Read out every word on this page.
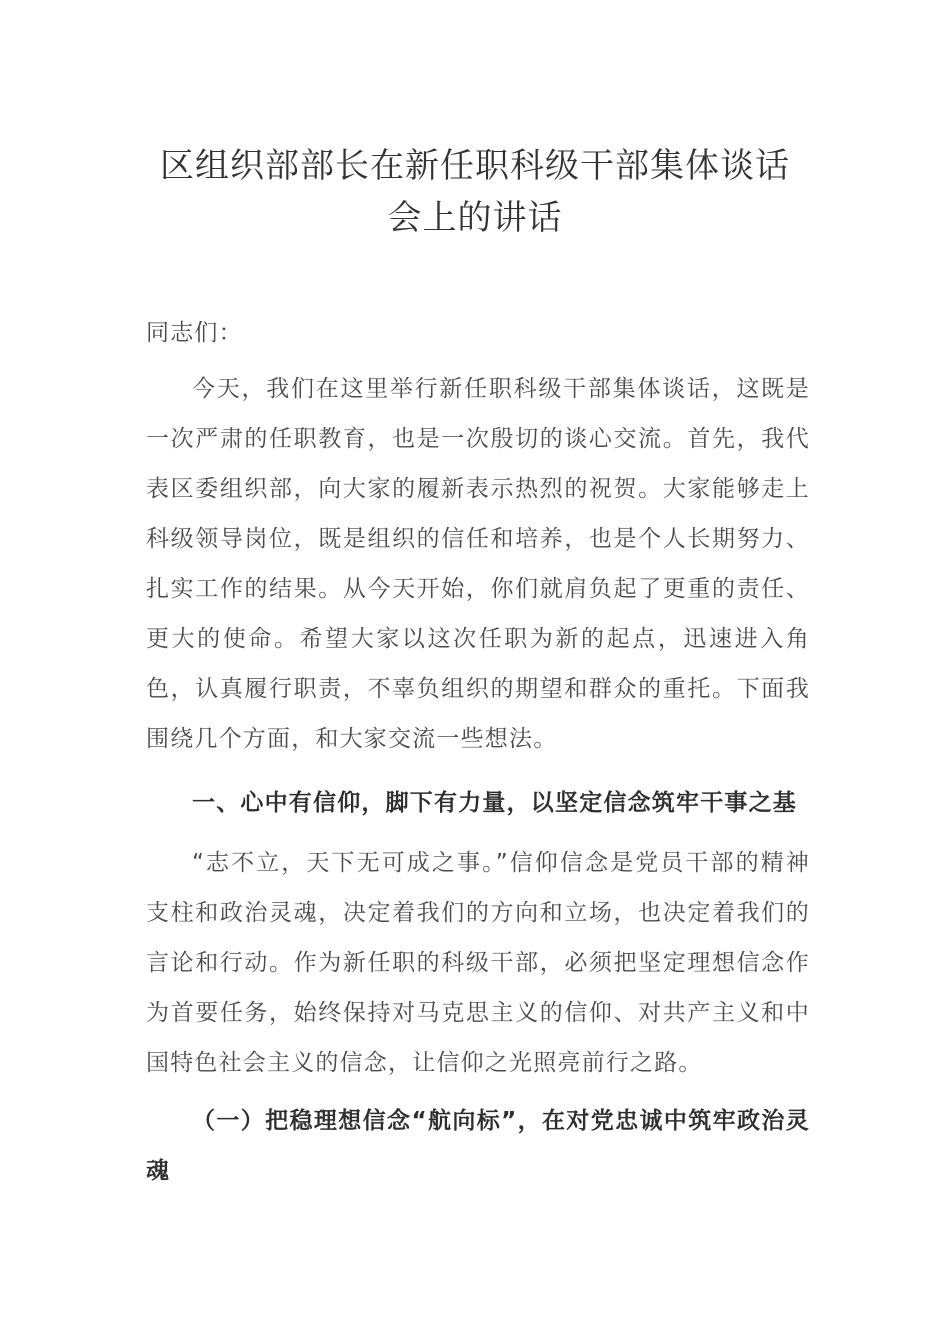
区组织部部长在新任职科级干部集体谈话
会上的讲话

同志们：

今天，我们在这里举行新任职科级干部集体谈话，这既是一次严肃的任职教育，也是一次殷切的谈心交流。首先，我代表区委组织部，向大家的履新表示热烈的祝贺。大家能够走上科级领导岗位，既是组织的信任和培养，也是个人长期努力、扎实工作的结果。从今天开始，你们就肩负起了更重的责任、更大的使命。希望大家以这次任职为新的起点，迅速进入角色，认真履行职责，不辜负组织的期望和群众的重托。下面我围绕几个方面，和大家交流一些想法。

一、心中有信仰，脚下有力量，以坚定信念筑牢干事之基

“志不立，天下无可成之事。”信仰信念是党员干部的精神支柱和政治灵魂，决定着我们的方向和立场，也决定着我们的言论和行动。作为新任职的科级干部，必须把坚定理想信念作为首要任务，始终保持对马克思主义的信仰、对共产主义和中国特色社会主义的信念，让信仰之光照亮前行之路。

（一）把稳理想信念“航向标”，在对党忠诚中筑牢政治灵魂
